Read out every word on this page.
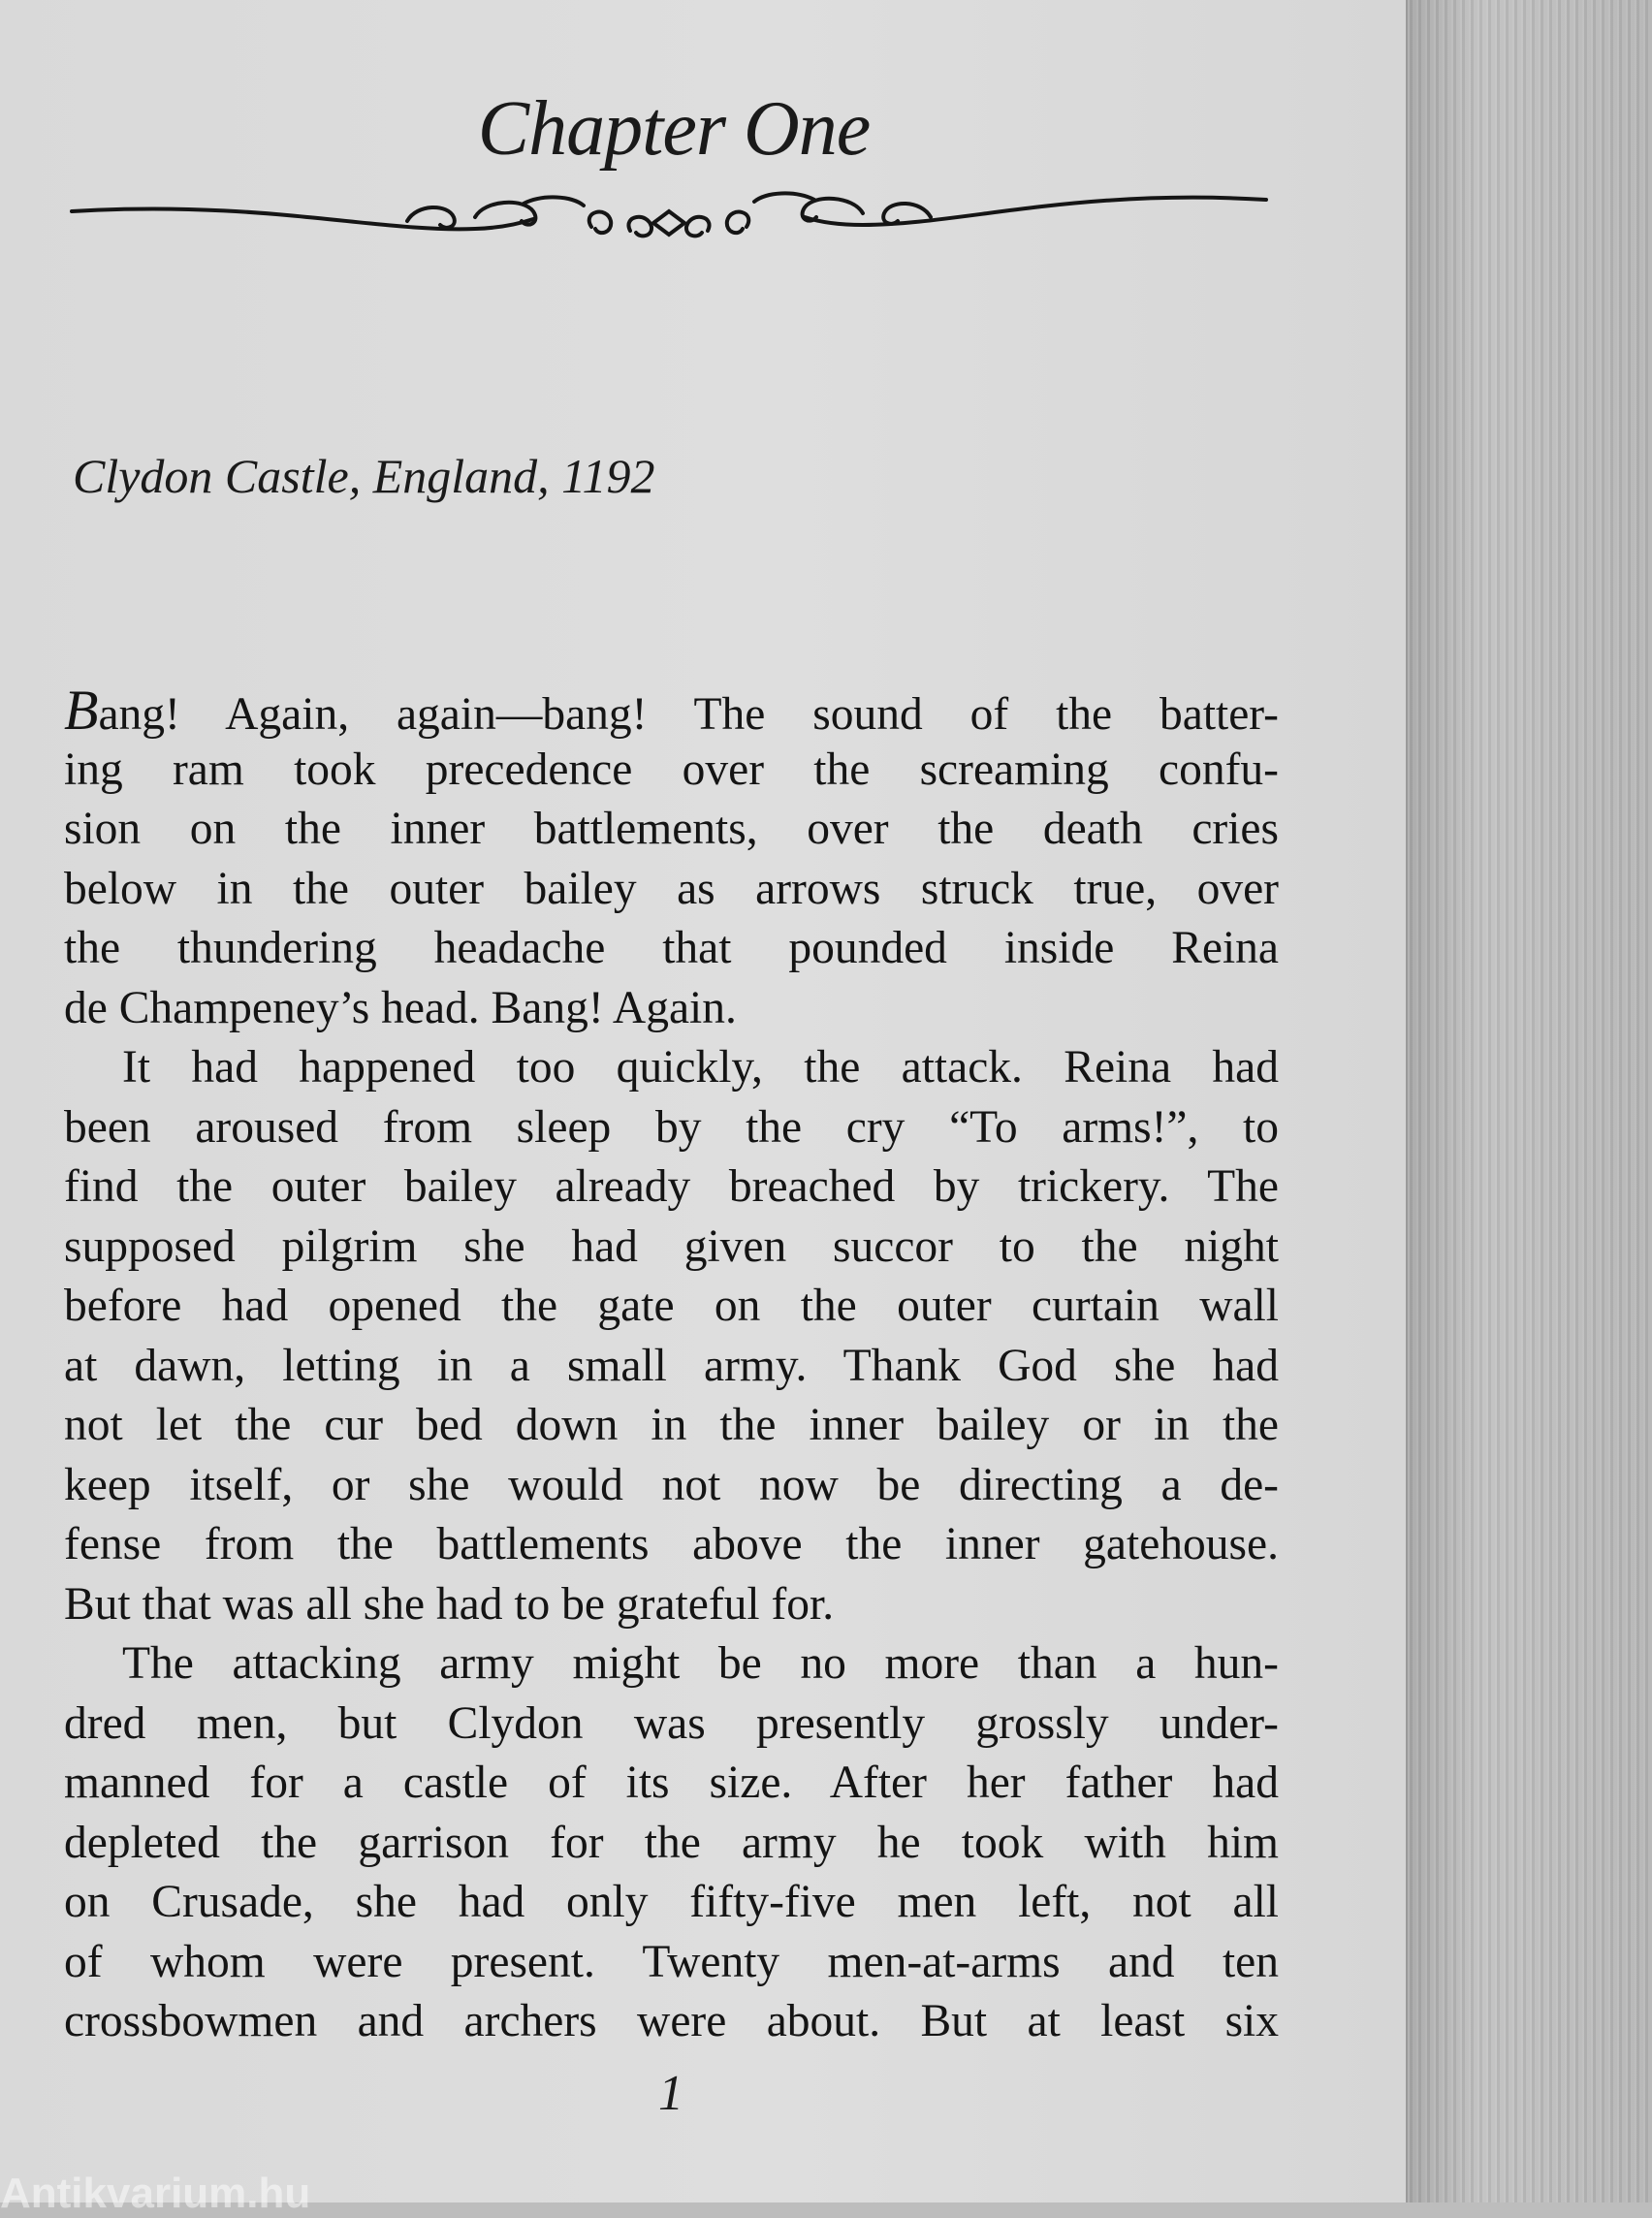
Chapter One
Clydon Castle, England, 1192
Bang! Again, again—bang! The sound of the batter-
ing ram took precedence over the screaming confu-
sion on the inner battlements, over the death cries
below in the outer bailey as arrows struck true, over
the thundering headache that pounded inside Reina
de Champeney’s head. Bang! Again.
It had happened too quickly, the attack. Reina had
been aroused from sleep by the cry “To arms!”, to
find the outer bailey already breached by trickery. The
supposed pilgrim she had given succor to the night
before had opened the gate on the outer curtain wall
at dawn, letting in a small army. Thank God she had
not let the cur bed down in the inner bailey or in the
keep itself, or she would not now be directing a de-
fense from the battlements above the inner gatehouse.
But that was all she had to be grateful for.
The attacking army might be no more than a hun-
dred men, but Clydon was presently grossly under-
manned for a castle of its size. After her father had
depleted the garrison for the army he took with him
on Crusade, she had only fifty-five men left, not all
of whom were present. Twenty men-at-arms and ten
crossbowmen and archers were about. But at least six
1
Antikvarium.hu
